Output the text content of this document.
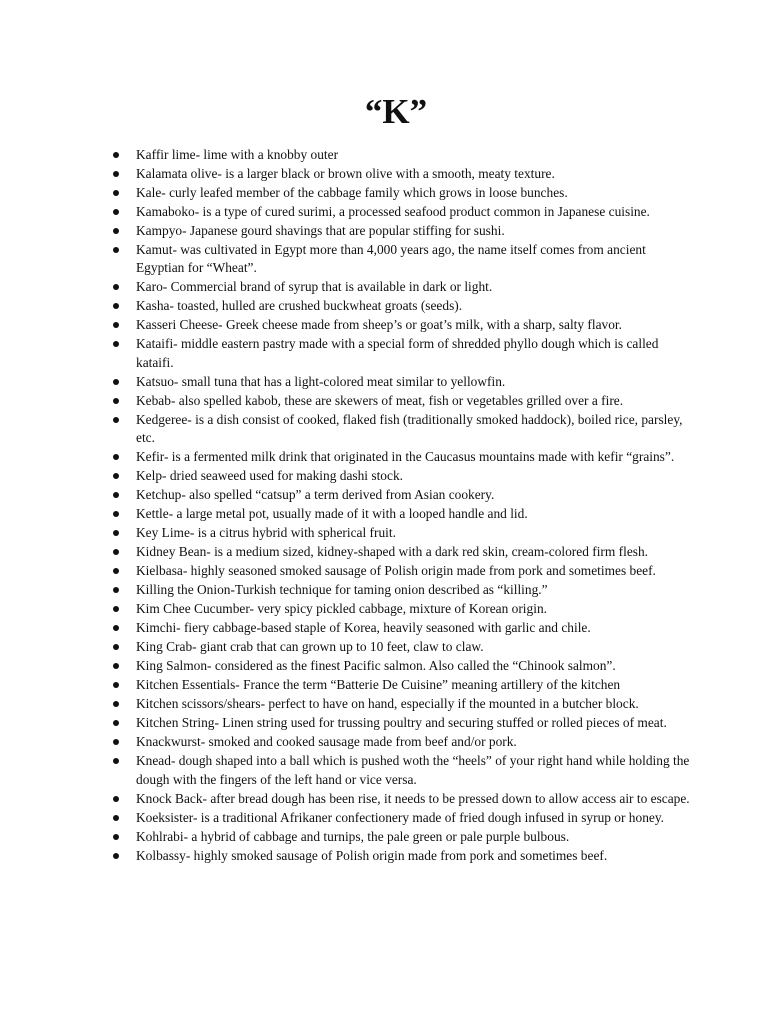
“K”
Kaffir lime- lime with a knobby outer
Kalamata olive- is a larger black or brown olive with a smooth, meaty texture.
Kale- curly leafed member of the cabbage family which grows in loose bunches.
Kamaboko- is a type of cured surimi, a processed seafood product common in Japanese cuisine.
Kampyo- Japanese gourd shavings that are popular stiffing for sushi.
Kamut- was cultivated in Egypt more than 4,000 years ago, the name itself comes from ancient Egyptian for “Wheat”.
Karo- Commercial brand of syrup that is available in dark or light.
Kasha- toasted, hulled are crushed buckwheat groats (seeds).
Kasseri Cheese- Greek cheese made from sheep’s or goat’s milk, with a sharp, salty flavor.
Kataifi- middle eastern pastry made with a special form of shredded phyllo dough which is called kataifi.
Katsuo- small tuna that has a light-colored meat similar to yellowfin.
Kebab- also spelled kabob, these are skewers of meat, fish or vegetables grilled over a fire.
Kedgeree- is a dish consist of cooked, flaked fish (traditionally smoked haddock), boiled rice, parsley, etc.
Kefir- is a fermented milk drink that originated in the Caucasus mountains made with kefir “grains”.
Kelp- dried seaweed used for making dashi stock.
Ketchup- also spelled “catsup” a term derived from Asian cookery.
Kettle- a large metal pot, usually made of it with a looped handle and lid.
Key Lime- is a citrus hybrid with spherical fruit.
Kidney Bean- is a medium sized, kidney-shaped with a dark red skin, cream-colored firm flesh.
Kielbasa- highly seasoned smoked sausage of Polish origin made from pork and sometimes beef.
Killing the Onion-Turkish technique for taming onion described as “killing.”
Kim Chee Cucumber- very spicy pickled cabbage, mixture of Korean origin.
Kimchi- fiery cabbage-based staple of Korea, heavily seasoned with garlic and chile.
King Crab- giant crab that can grown up to 10 feet, claw to claw.
King Salmon- considered as the finest Pacific salmon. Also called the “Chinook salmon”.
Kitchen Essentials- France the term “Batterie De Cuisine” meaning artillery of the kitchen
Kitchen scissors/shears- perfect to have on hand, especially if the mounted in a butcher block.
Kitchen String- Linen string used for trussing poultry and securing stuffed or rolled pieces of meat.
Knackwurst- smoked and cooked sausage made from beef and/or pork.
Knead- dough shaped into a ball which is pushed woth the “heels” of your right hand while holding the dough with the fingers of the left hand or vice versa.
Knock Back- after bread dough has been rise, it needs to be pressed down to allow access air to escape.
Koeksister- is a traditional Afrikaner confectionery made of fried dough infused in syrup or honey.
Kohlrabi- a hybrid of cabbage and turnips, the pale green or pale purple bulbous.
Kolbassy- highly smoked sausage of Polish origin made from pork and sometimes beef.
